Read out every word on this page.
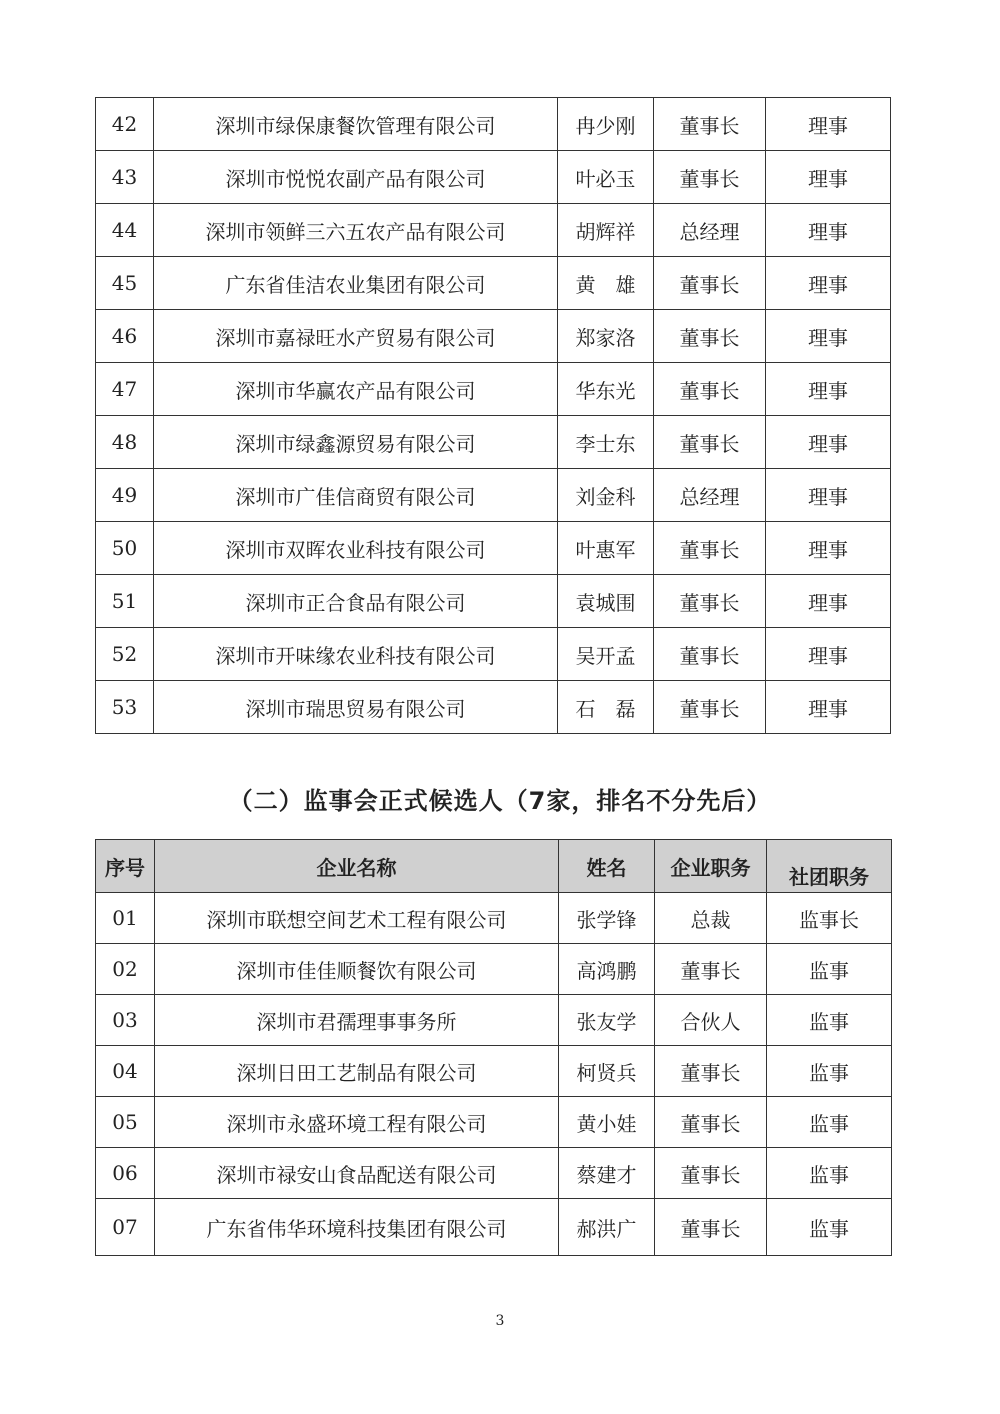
42	深圳市绿保康餐饮管理有限公司	冉少刚	董事长	理事
43	深圳市悦悦农副产品有限公司	叶必玉	董事长	理事
44	深圳市领鲜三六五农产品有限公司	胡辉祥	总经理	理事
45	广东省佳洁农业集团有限公司	黄　雄	董事长	理事
46	深圳市嘉禄旺水产贸易有限公司	郑家洛	董事长	理事
47	深圳市华赢农产品有限公司	华东光	董事长	理事
48	深圳市绿鑫源贸易有限公司	李士东	董事长	理事
49	深圳市广佳信商贸有限公司	刘金科	总经理	理事
50	深圳市双晖农业科技有限公司	叶惠军	董事长	理事
51	深圳市正合食品有限公司	袁城围	董事长	理事
52	深圳市开味缘农业科技有限公司	吴开孟	董事长	理事
53	深圳市瑞思贸易有限公司	石　磊	董事长	理事
（二）监事会正式候选人（7家，排名不分先后）
序号	企业名称	姓名	企业职务	社团职务
01	深圳市联想空间艺术工程有限公司	张学锋	总裁	监事长
02	深圳市佳佳顺餐饮有限公司	高鸿鹏	董事长	监事
03	深圳市君孺理事事务所	张友学	合伙人	监事
04	深圳日田工艺制品有限公司	柯贤兵	董事长	监事
05	深圳市永盛环境工程有限公司	黄小娃	董事长	监事
06	深圳市禄安山食品配送有限公司	蔡建才	董事长	监事
07	广东省伟华环境科技集团有限公司	郝洪广	董事长	监事
3
